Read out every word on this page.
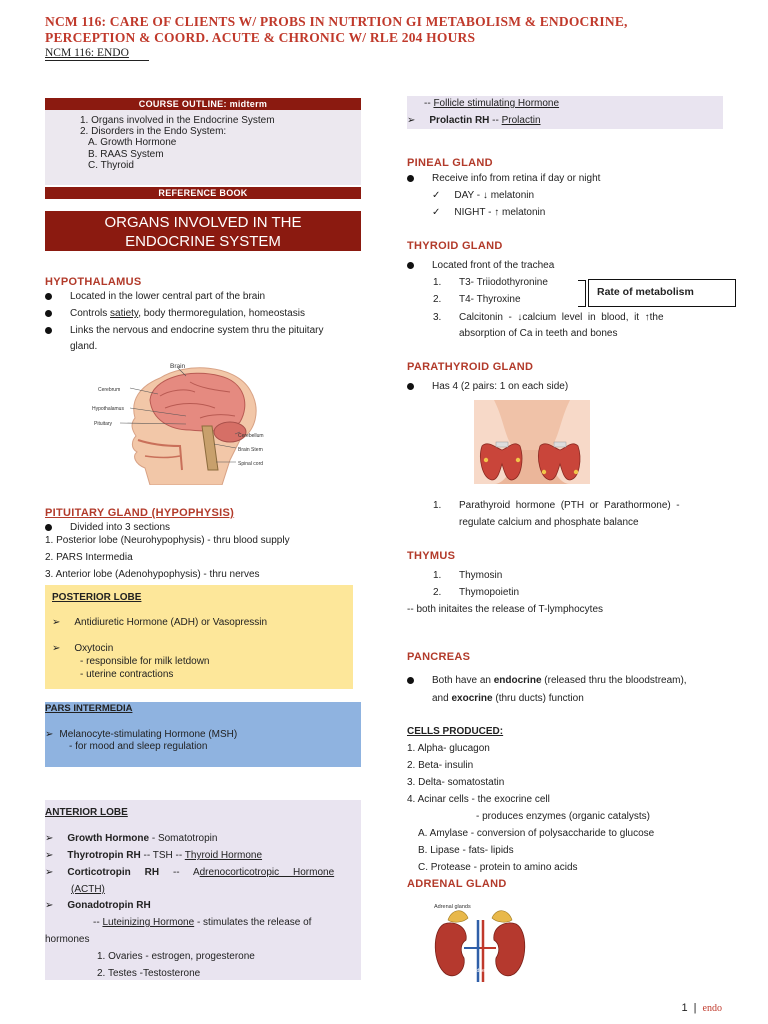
NCM 116: CARE OF CLIENTS W/ PROBS IN NUTRTION GI METABOLISM & ENDOCRINE,
PERCEPTION & COORD. ACUTE & CHRONIC W/ RLE 204 HOURS
NCM 116: ENDO
COURSE OUTLINE: midterm
1. Organs involved in the Endocrine System
2. Disorders in the Endo System:
A. Growth Hormone
B. RAAS System
C. Thyroid
REFERENCE BOOK
ORGANS INVOLVED IN THE
ENDOCRINE SYSTEM
HYPOTHALAMUS
Located in the lower central part of the brain
Controls satiety, body thermoregulation, homeostasis
Links the nervous and endocrine system thru the pituitary
gland.
Brain
Cerebrum
Hypothalamus
Pituitary
Cerebellum
Brain Stem
Spinal cord
PITUITARY GLAND (HYPOPHYSIS)
Divided into 3 sections
1. Posterior lobe (Neurohypophysis) - thru blood supply
2. PARS Intermedia
3. Anterior lobe (Adenohypophysis) - thru nerves
POSTERIOR LOBE
➢ Antidiuretic Hormone (ADH) or Vasopressin
➢ Oxytocin
- responsible for milk letdown
- uterine contractions
PARS INTERMEDIA
➢ Melanocyte-stimulating Hormone (MSH)
- for mood and sleep regulation
ANTERIOR LOBE
➢ Growth Hormone - Somatotropin
➢ Thyrotropin RH -- TSH -- Thyroid Hormone
➢ Corticotropin     RH     --     Adrenocorticotropic     Hormone
(ACTH)
➢ Gonadotropin RH
-- Luteinizing Hormone - stimulates the release of
hormones
1. Ovaries - estrogen, progesterone
2. Testes -Testosterone
-- Follicle stimulating Hormone
➢ Prolactin RH -- Prolactin
PINEAL GLAND
Receive info from retina if day or night
✓ DAY - ↓ melatonin
✓ NIGHT - ↑ melatonin
THYROID GLAND
Located front of the trachea
1. T3- Triiodothyronine
2. T4- Thyroxine
Rate of metabolism
3. Calcitonin  -  ↓calcium  level  in  blood,  it  ↑the
absorption of Ca in teeth and bones
PARATHYROID GLAND
Has 4 (2 pairs: 1 on each side)
1. Parathyroid  hormone  (PTH  or  Parathormone)  -
regulate calcium and phosphate balance
THYMUS
1. Thymosin
2. Thymopoietin
-- both initaites the release of T-lymphocytes
PANCREAS
Both have an endocrine (released thru the bloodstream),
and exocrine (thru ducts) function
CELLS PRODUCED:
1. Alpha- glucagon
2. Beta- insulin
3. Delta- somatostatin
4. Acinar cells - the exocrine cell
- produces enzymes (organic catalysts)
A. Amylase - conversion of polysaccharide to glucose
B. Lipase - fats- lipids
C. Protease - protein to amino acids
ADRENAL GLAND
Adrenal glands
Kidneys
1 | endo
